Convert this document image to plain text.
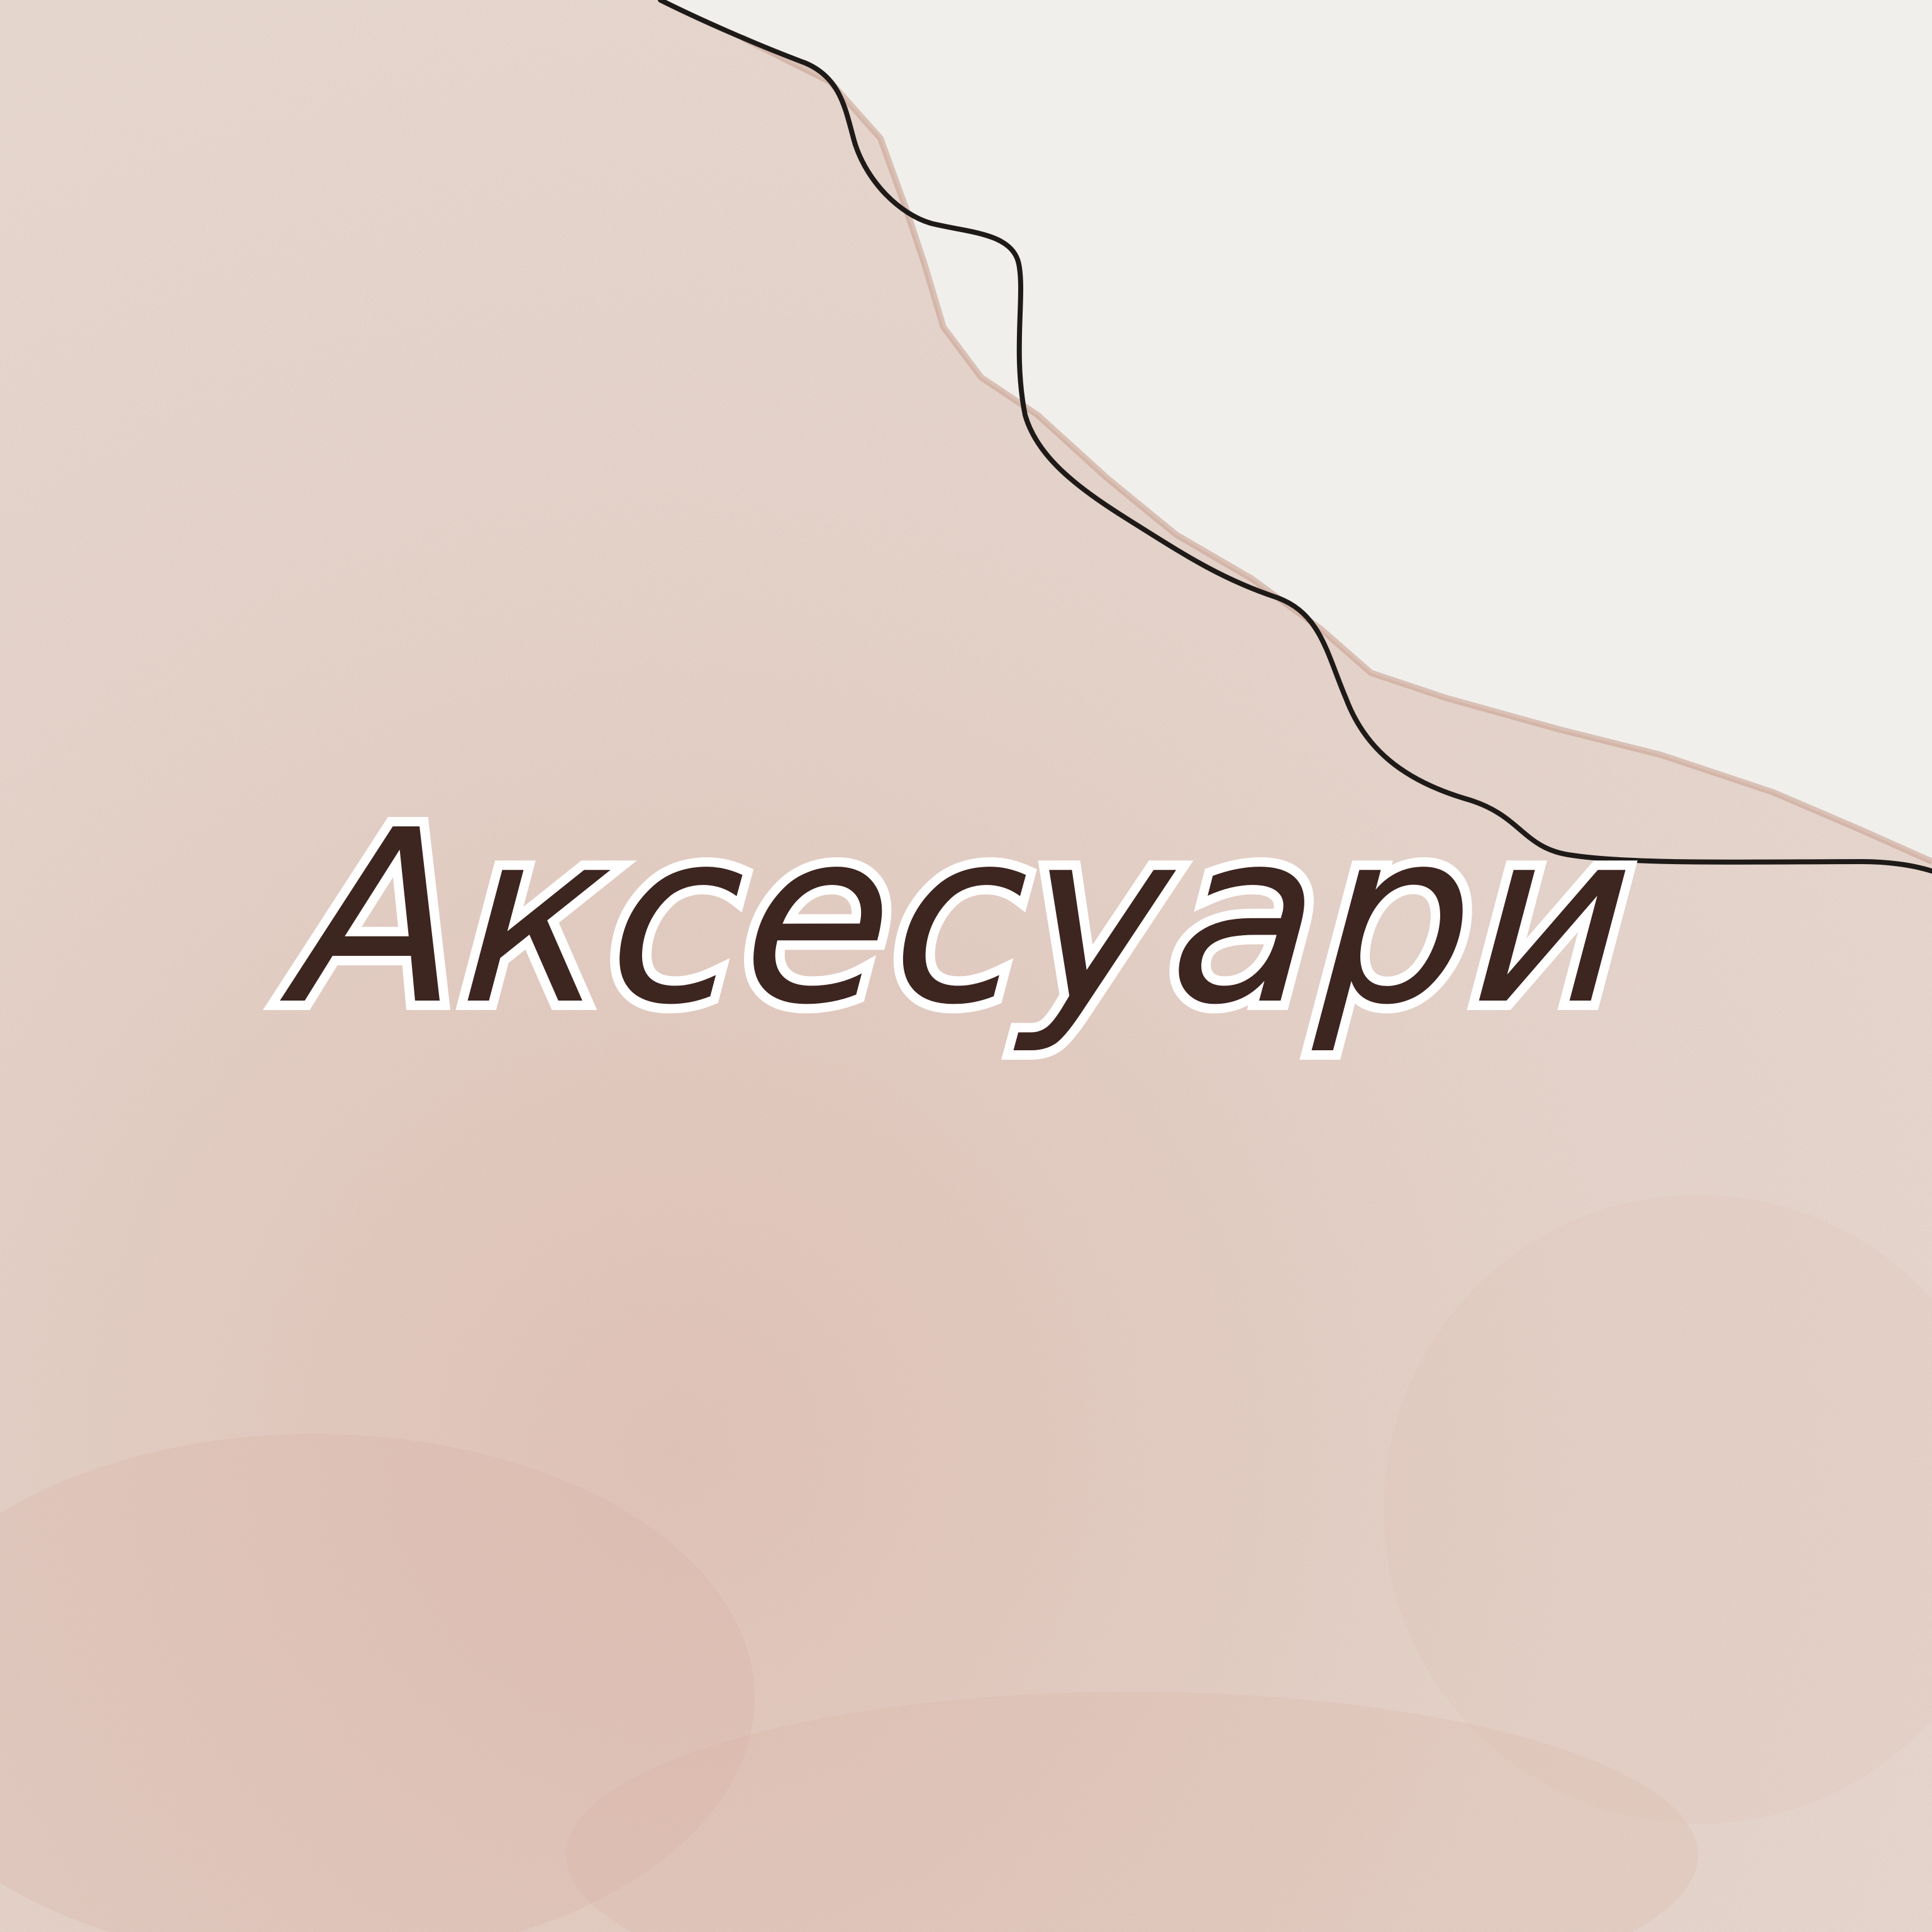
Аксесуари
